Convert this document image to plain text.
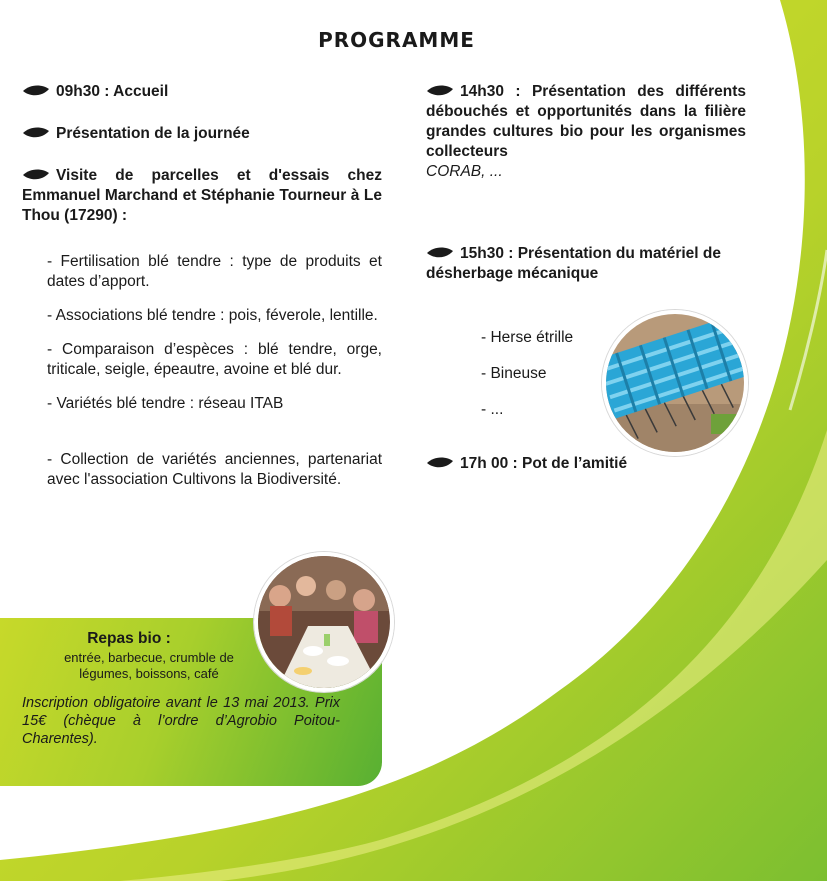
PROGRAMME

09h30 : Accueil

Présentation de la journée

Visite de parcelles et d'essais chez Emmanuel Marchand et Stéphanie Tourneur à Le Thou (17290) :

- Fertilisation blé tendre : type de produits et dates d’apport.

- Associations blé tendre : pois, féverole, lentille.

- Comparaison d’espèces : blé tendre, orge, triticale, seigle, épeautre, avoine et blé dur.

- Variétés blé tendre : réseau ITAB

- Collection de variétés anciennes, partenariat avec l'association Cultivons la Biodiversité.

14h30 : Présentation des différents débouchés et opportunités dans la filière grandes cultures bio pour les organismes collecteurs

CORAB, ...

15h30 : Présentation du matériel de désherbage mécanique

- Herse étrille

- Bineuse

- ...

17h 00 : Pot de l’amitié

Repas bio :
entrée, barbecue, crumble de légumes, boissons, café
Inscription obligatoire avant le 13 mai 2013. Prix 15€ (chèque à l’ordre d’Agrobio Poitou-Charentes).
